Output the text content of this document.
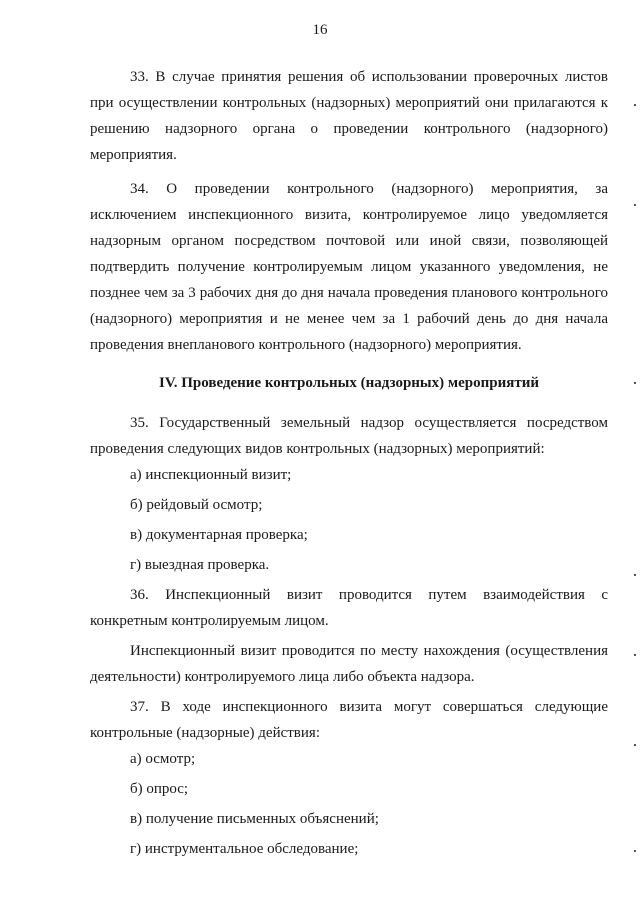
16

33. В случае принятия решения об использовании проверочных листов при осуществлении контрольных (надзорных) мероприятий они прилагаются к решению надзорного органа о проведении контрольного (надзорного) мероприятия.

34. О проведении контрольного (надзорного) мероприятия, за исключением инспекционного визита, контролируемое лицо уведомляется надзорным органом посредством почтовой или иной связи, позволяющей подтвердить получение контролируемым лицом указанного уведомления, не позднее чем за 3 рабочих дня до дня начала проведения планового контрольного (надзорного) мероприятия и не менее чем за 1 рабочий день до дня начала проведения внепланового контрольного (надзорного) мероприятия.

IV. Проведение контрольных (надзорных) мероприятий

35. Государственный земельный надзор осуществляется посредством проведения следующих видов контрольных (надзорных) мероприятий:

а) инспекционный визит;

б) рейдовый осмотр;

в) документарная проверка;

г) выездная проверка.

36. Инспекционный визит проводится путем взаимодействия с конкретным контролируемым лицом.

Инспекционный визит проводится по месту нахождения (осуществления деятельности) контролируемого лица либо объекта надзора.

37. В ходе инспекционного визита могут совершаться следующие контрольные (надзорные) действия:

а) осмотр;

б) опрос;

в) получение письменных объяснений;

г) инструментальное обследование;
